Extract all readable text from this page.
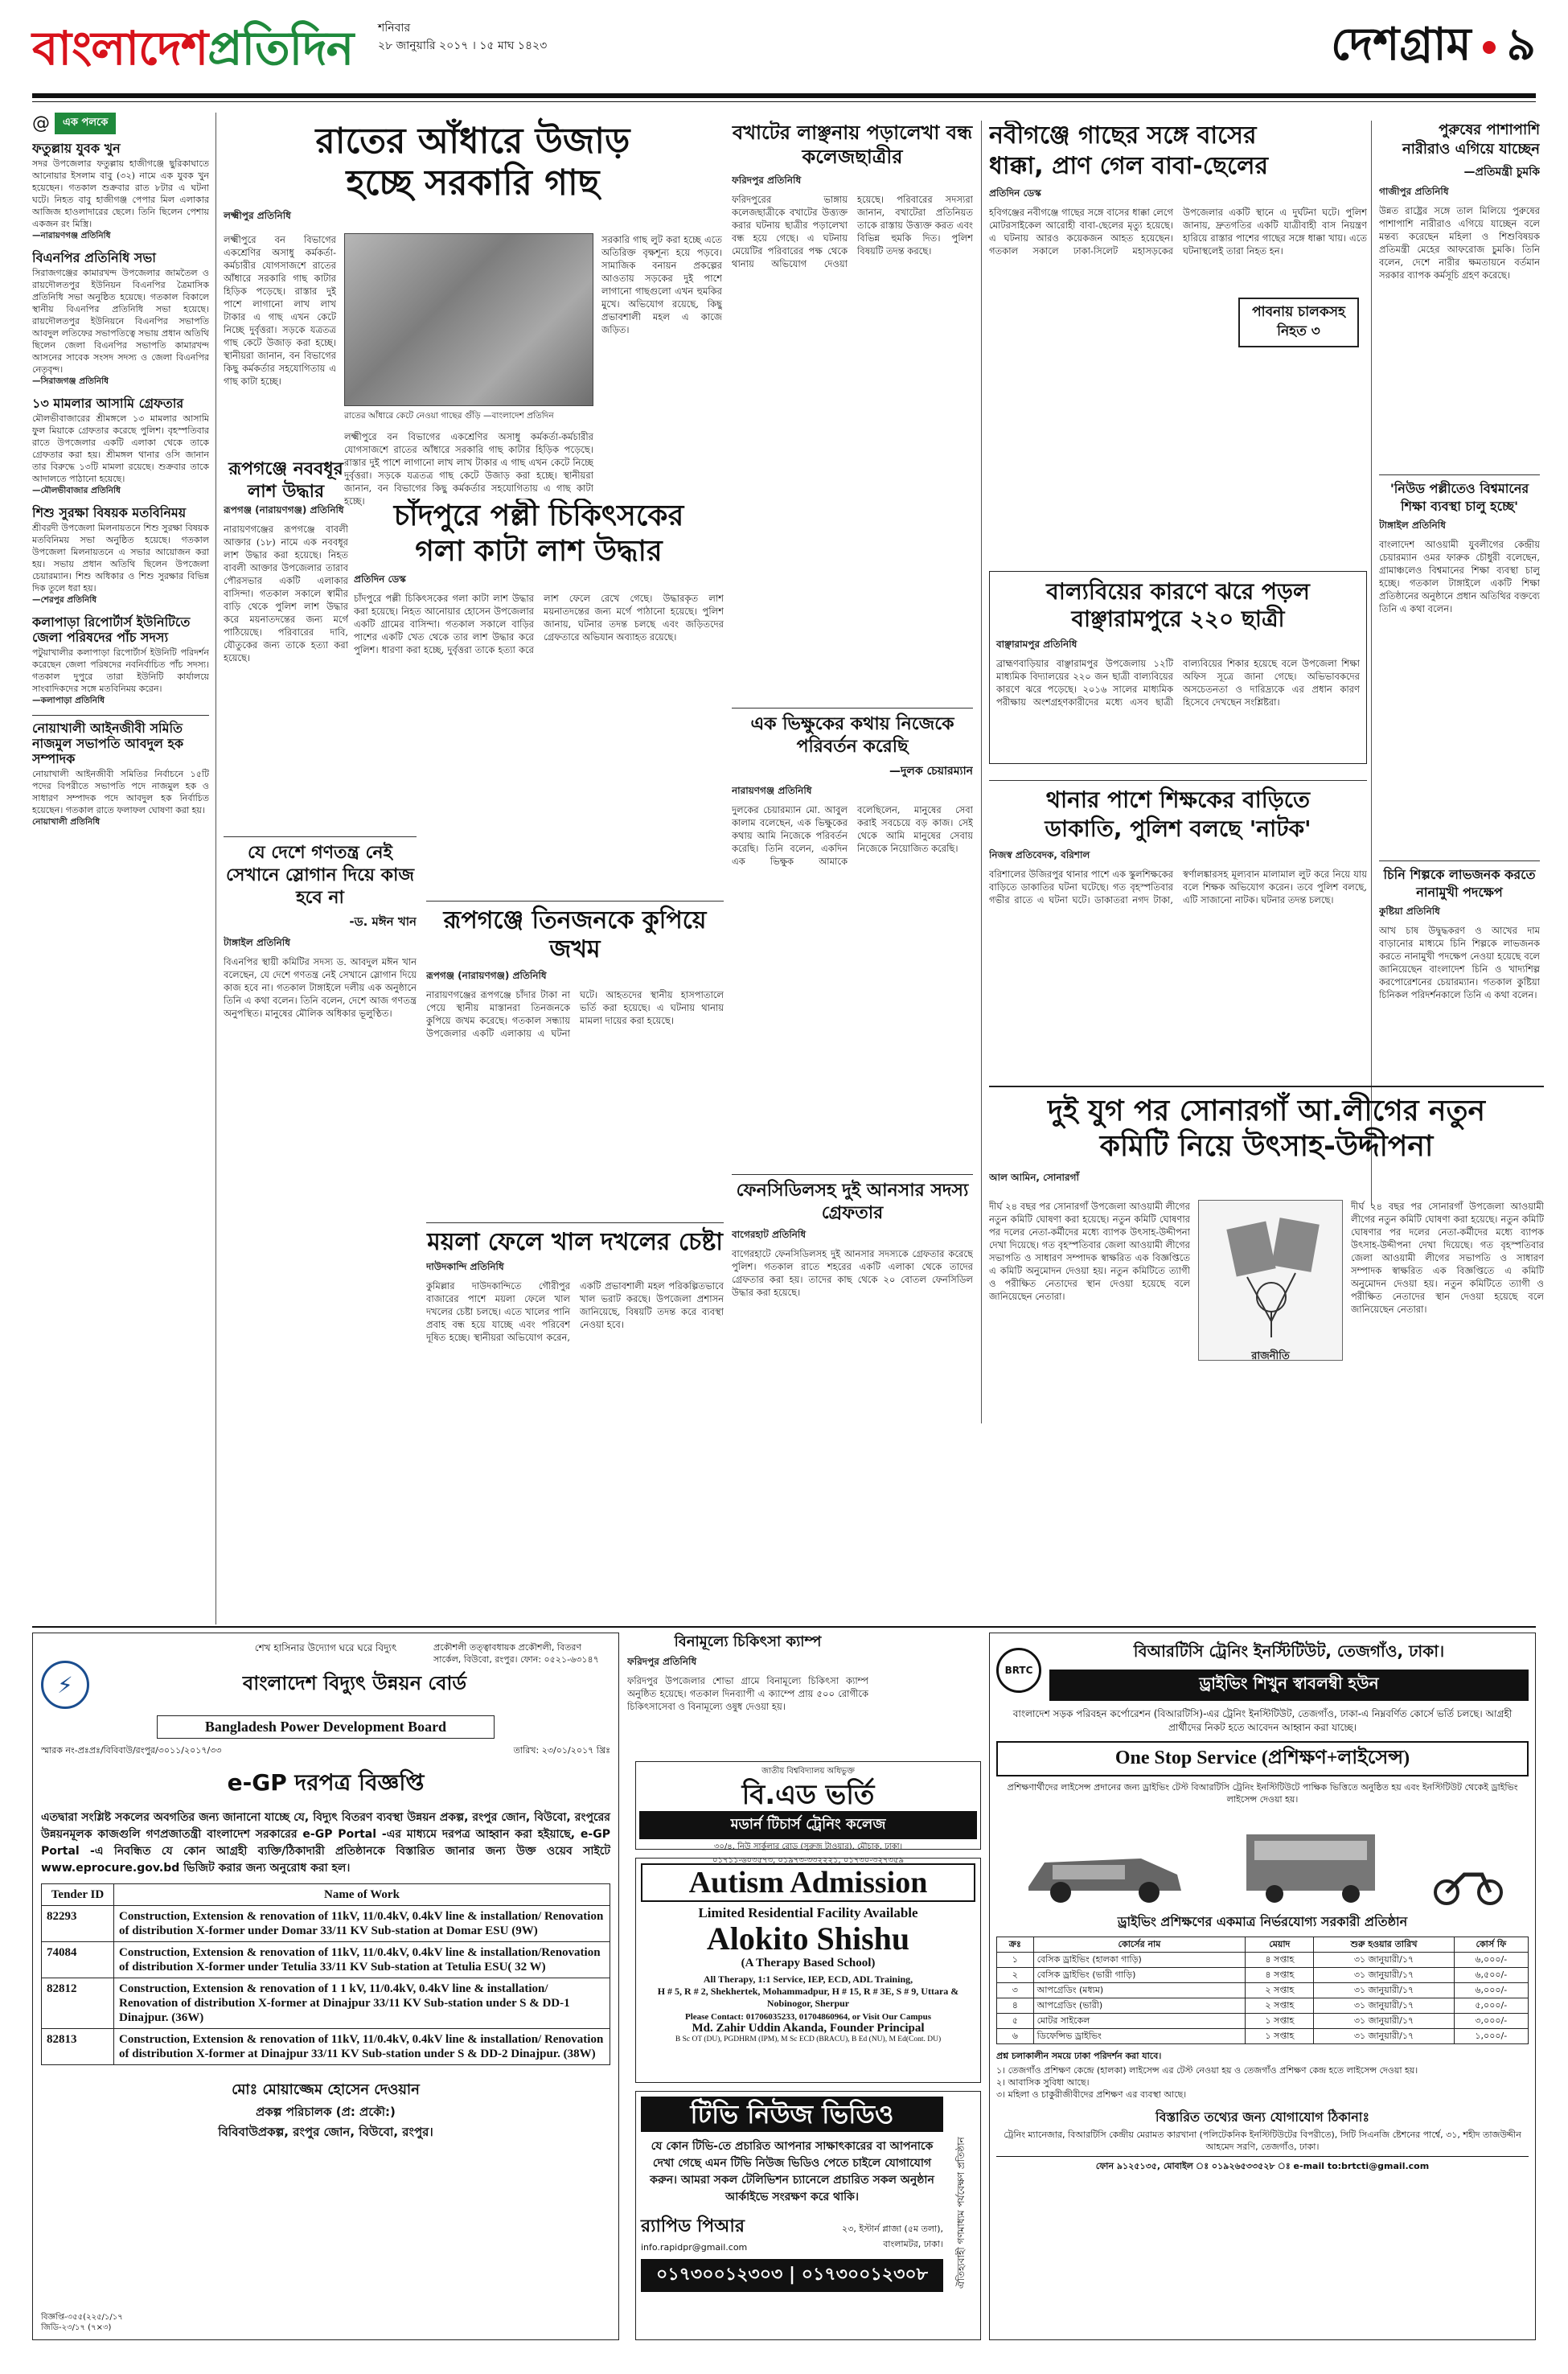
বাংলাদেশপ্রতিদিন শনিবার
২৮ জানুয়ারি ২০১৭ । ১৫ মাঘ ১৪২৩	দেশগ্রাম ৯
@	এক পলকে
ফতুল্লায় যুবক খুন
সদর উপজেলার ফতুল্লায় হাজীগঞ্জে ছুরিকাঘাতে আনোয়ার ইসলাম বাবু (৩২) নামে এক যুবক খুন হয়েছেন। গতকাল শুক্রবার রাত ৮টার এ ঘটনা ঘটে। নিহত বাবু হাজীগঞ্জ পেপার মিল এলাকার আজিজ হাওলাদারের ছেলে। তিনি ছিলেন পেশায় একজন রং মিস্ত্রি।
—নারায়ণগঞ্জ প্রতিনিধি
বিএনপির প্রতিনিধি সভা
সিরাজগঞ্জের কামারখন্দ উপজেলার জামতৈল ও রায়দৌলতপুর ইউনিয়ন বিএনপির ত্রৈমাসিক প্রতিনিধি সভা অনুষ্ঠিত হয়েছে। গতকাল বিকালে স্থানীয় বিএনপির প্রতিনিধি সভা হয়েছে। রায়দৌলতপুর ইউনিয়নে বিএনপির সভাপতি আবদুল লতিফের সভাপতিত্বে সভায় প্রধান অতিথি ছিলেন জেলা বিএনপির সভাপতি কামারখন্দ আসনের সাবেক সংসদ সদস্য ও জেলা বিএনপির নেতৃবৃন্দ।
—সিরাজগঞ্জ প্রতিনিধি
১৩ মামলার আসামি গ্রেফতার
মৌলভীবাজারের শ্রীমঙ্গলে ১৩ মামলার আসামি ফুল মিয়াকে গ্রেফতার করেছে পুলিশ। বৃহস্পতিবার রাতে উপজেলার একটি এলাকা থেকে তাকে গ্রেফতার করা হয়। শ্রীমঙ্গল থানার ওসি জানান তার বিরুদ্ধে ১৩টি মামলা রয়েছে। শুক্রবার তাকে আদালতে পাঠানো হয়েছে।
—মৌলভীবাজার প্রতিনিধি
শিশু সুরক্ষা বিষয়ক মতবিনিময়
শ্রীবরদী উপজেলা মিলনায়তনে শিশু সুরক্ষা বিষয়ক মতবিনিময় সভা অনুষ্ঠিত হয়েছে। গতকাল উপজেলা মিলনায়তনে এ সভার আয়োজন করা হয়। সভায় প্রধান অতিথি ছিলেন উপজেলা চেয়ারম্যান। শিশু অধিকার ও শিশু সুরক্ষার বিভিন্ন দিক তুলে ধরা হয়।
—শেরপুর প্রতিনিধি
কলাপাড়া রিপোর্টার্স ইউনিটিতে জেলা পরিষদের পাঁচ সদস্য
পটুয়াখালীর কলাপাড়া রিপোর্টার্স ইউনিটি পরিদর্শন করেছেন জেলা পরিষদের নবনির্বাচিত পাঁচ সদস্য। গতকাল দুপুরে তারা ইউনিটি কার্যালয়ে সাংবাদিকদের সঙ্গে মতবিনিময় করেন।
—কলাপাড়া প্রতিনিধি
নোয়াখালী আইনজীবী সমিতি নাজমুল সভাপতি আবদুল হক সম্পাদক
নোয়াখালী আইনজীবী সমিতির নির্বাচনে ১৫টি পদের বিপরীতে সভাপতি পদে নাজমুল হক ও সাধারণ সম্পাদক পদে আবদুল হক নির্বাচিত হয়েছেন। গতকাল রাতে ফলাফল ঘোষণা করা হয়।
নোয়াখালী প্রতিনিধি
রাতের আঁধারে উজাড়
হচ্ছে সরকারি গাছ
লক্ষ্মীপুর প্রতিনিধি
রাতের আঁধারে কেটে নেওয়া গাছের গুঁড়ি —বাংলাদেশ প্রতিদিন
লক্ষ্মীপুরে বন বিভাগের একশ্রেণির অসাধু কর্মকর্তা-কর্মচারীর যোগসাজশে রাতের আঁধারে সরকারি গাছ কাটার হিড়িক পড়েছে। রাস্তার দুই পাশে লাগানো লাখ লাখ টাকার এ গাছ এখন কেটে নিচ্ছে দুর্বৃত্তরা। সড়কে যত্রতত্র গাছ কেটে উজাড় করা হচ্ছে। স্থানীয়রা জানান, বন বিভাগের কিছু কর্মকর্তার সহযোগিতায় এ গাছ কাটা হচ্ছে।
সরকারি গাছ লুট করা হচ্ছে এতে অতিরিক্ত বৃক্ষশূন্য হয়ে পড়বে। সামাজিক বনায়ন প্রকল্পের আওতায় সড়কের দুই পাশে লাগানো গাছগুলো এখন হুমকির মুখে। অভিযোগ রয়েছে, কিছু প্রভাবশালী মহল এ কাজে জড়িত।
লক্ষ্মীপুরে বন বিভাগের একশ্রেণির অসাধু কর্মকর্তা-কর্মচারীর যোগসাজশে রাতের আঁধারে সরকারি গাছ কাটার হিড়িক পড়েছে। রাস্তার দুই পাশে লাগানো লাখ লাখ টাকার এ গাছ এখন কেটে নিচ্ছে দুর্বৃত্তরা। সড়কে যত্রতত্র গাছ কেটে উজাড় করা হচ্ছে। স্থানীয়রা জানান, বন বিভাগের কিছু কর্মকর্তার সহযোগিতায় এ গাছ কাটা হচ্ছে।
বখাটের লাঞ্ছনায় পড়ালেখা বন্ধ কলেজছাত্রীর
ফরিদপুর প্রতিনিধি
ফরিদপুরের ভাঙ্গায় কলেজছাত্রীকে বখাটের উত্ত্যক্ত করার ঘটনায় ছাত্রীর পড়ালেখা বন্ধ হয়ে গেছে। এ ঘটনায় মেয়েটির পরিবারের পক্ষ থেকে থানায় অভিযোগ দেওয়া হয়েছে। পরিবারের সদস্যরা জানান, বখাটেরা প্রতিনিয়ত তাকে রাস্তায় উত্ত্যক্ত করত এবং বিভিন্ন হুমকি দিত। পুলিশ বিষয়টি তদন্ত করছে।
রূপগঞ্জে নববধূর লাশ উদ্ধার
রূপগঞ্জ (নারায়ণগঞ্জ) প্রতিনিধি
নারায়ণগঞ্জের রূপগঞ্জে বাবলী আক্তার (১৮) নামে এক নববধূর লাশ উদ্ধার করা হয়েছে। নিহত বাবলী আক্তার উপজেলার তারাব পৌরসভার একটি এলাকার বাসিন্দা। গতকাল সকালে স্বামীর বাড়ি থেকে পুলিশ লাশ উদ্ধার করে ময়নাতদন্তের জন্য মর্গে পাঠিয়েছে। পরিবারের দাবি, যৌতুকের জন্য তাকে হত্যা করা হয়েছে।
চাঁদপুরে পল্লী চিকিৎসকের
গলা কাটা লাশ উদ্ধার
প্রতিদিন ডেস্ক
চাঁদপুরে পল্লী চিকিৎসকের গলা কাটা লাশ উদ্ধার করা হয়েছে। নিহত আনোয়ার হোসেন উপজেলার একটি গ্রামের বাসিন্দা। গতকাল সকালে বাড়ির পাশের একটি খেত থেকে তার লাশ উদ্ধার করে পুলিশ। ধারণা করা হচ্ছে, দুর্বৃত্তরা তাকে হত্যা করে লাশ ফেলে রেখে গেছে। উদ্ধারকৃত লাশ ময়নাতদন্তের জন্য মর্গে পাঠানো হয়েছে। পুলিশ জানায়, ঘটনার তদন্ত চলছে এবং জড়িতদের গ্রেফতারে অভিযান অব্যাহত রয়েছে।
যে দেশে গণতন্ত্র নেই সেখানে স্লোগান দিয়ে কাজ হবে না
-ড. মঈন খান
টাঙ্গাইল প্রতিনিধি
বিএনপির স্থায়ী কমিটির সদস্য ড. আবদুল মঈন খান বলেছেন, যে দেশে গণতন্ত্র নেই সেখানে স্লোগান দিয়ে কাজ হবে না। গতকাল টাঙ্গাইলে দলীয় এক অনুষ্ঠানে তিনি এ কথা বলেন। তিনি বলেন, দেশে আজ গণতন্ত্র অনুপস্থিত। মানুষের মৌলিক অধিকার ভূলুণ্ঠিত।
রূপগঞ্জে তিনজনকে কুপিয়ে জখম
রূপগঞ্জ (নারায়ণগঞ্জ) প্রতিনিধি
নারায়ণগঞ্জের রূপগঞ্জে চাঁদার টাকা না পেয়ে স্থানীয় মাস্তানরা তিনজনকে কুপিয়ে জখম করেছে। গতকাল সন্ধ্যায় উপজেলার একটি এলাকায় এ ঘটনা ঘটে। আহতদের স্থানীয় হাসপাতালে ভর্তি করা হয়েছে। এ ঘটনায় থানায় মামলা দায়ের করা হয়েছে।
ময়লা ফেলে খাল দখলের চেষ্টা
দাউদকান্দি প্রতিনিধি
কুমিল্লার দাউদকান্দিতে গৌরীপুর বাজারের পাশে ময়লা ফেলে খাল দখলের চেষ্টা চলছে। এতে খালের পানি প্রবাহ বন্ধ হয়ে যাচ্ছে এবং পরিবেশ দূষিত হচ্ছে। স্থানীয়রা অভিযোগ করেন, একটি প্রভাবশালী মহল পরিকল্পিতভাবে খাল ভরাট করছে। উপজেলা প্রশাসন জানিয়েছে, বিষয়টি তদন্ত করে ব্যবস্থা নেওয়া হবে।
এক ভিক্ষুকের কথায় নিজেকে পরিবর্তন করেছি
—দুলক চেয়ারম্যান
নারায়ণগঞ্জ প্রতিনিধি
দুলকের চেয়ারম্যান মো. আবুল কালাম বলেছেন, এক ভিক্ষুকের কথায় আমি নিজেকে পরিবর্তন করেছি। তিনি বলেন, একদিন এক ভিক্ষুক আমাকে বলেছিলেন, মানুষের সেবা করাই সবচেয়ে বড় কাজ। সেই থেকে আমি মানুষের সেবায় নিজেকে নিয়োজিত করেছি।
ফেনসিডিলসহ দুই আনসার সদস্য গ্রেফতার
বাগেরহাট প্রতিনিধি
বাগেরহাটে ফেনসিডিলসহ দুই আনসার সদস্যকে গ্রেফতার করেছে পুলিশ। গতকাল রাতে শহরের একটি এলাকা থেকে তাদের গ্রেফতার করা হয়। তাদের কাছ থেকে ২০ বোতল ফেনসিডিল উদ্ধার করা হয়েছে।
নবীগঞ্জে গাছের সঙ্গে বাসের
ধাক্কা, প্রাণ গেল বাবা-ছেলের
প্রতিদিন ডেস্ক
হবিগঞ্জের নবীগঞ্জে গাছের সঙ্গে বাসের ধাক্কা লেগে মোটরসাইকেল আরোহী বাবা-ছেলের মৃত্যু হয়েছে। এ ঘটনায় আরও কয়েকজন আহত হয়েছেন। গতকাল সকালে ঢাকা-সিলেট মহাসড়কের উপজেলার একটি স্থানে এ দুর্ঘটনা ঘটে। পুলিশ জানায়, দ্রুতগতির একটি যাত্রীবাহী বাস নিয়ন্ত্রণ হারিয়ে রাস্তার পাশের গাছের সঙ্গে ধাক্কা খায়। এতে ঘটনাস্থলেই তারা নিহত হন।
পাবনায় চালকসহ নিহত ৩
পুরুষের পাশাপাশি
নারীরাও এগিয়ে যাচ্ছেন
—প্রতিমন্ত্রী চুমকি
গাজীপুর প্রতিনিধি
উন্নত রাষ্ট্রের সঙ্গে তাল মিলিয়ে পুরুষের পাশাপাশি নারীরাও এগিয়ে যাচ্ছেন বলে মন্তব্য করেছেন মহিলা ও শিশুবিষয়ক প্রতিমন্ত্রী মেহের আফরোজ চুমকি। তিনি বলেন, দেশে নারীর ক্ষমতায়নে বর্তমান সরকার ব্যাপক কর্মসূচি গ্রহণ করেছে।
'নিউড পল্লীতেও বিশ্বমানের শিক্ষা ব্যবস্থা চালু হচ্ছে'
টাঙ্গাইল প্রতিনিধি
বাংলাদেশ আওয়ামী যুবলীগের কেন্দ্রীয় চেয়ারম্যান ওমর ফারুক চৌধুরী বলেছেন, গ্রামাঞ্চলেও বিশ্বমানের শিক্ষা ব্যবস্থা চালু হচ্ছে। গতকাল টাঙ্গাইলে একটি শিক্ষা প্রতিষ্ঠানের অনুষ্ঠানে প্রধান অতিথির বক্তব্যে তিনি এ কথা বলেন।
চিনি শিল্পকে লাভজনক করতে নানামুখী পদক্ষেপ
কুষ্টিয়া প্রতিনিধি
আখ চাষ উদ্বুদ্ধকরণ ও আখের দাম বাড়ানোর মাধ্যমে চিনি শিল্পকে লাভজনক করতে নানামুখী পদক্ষেপ নেওয়া হয়েছে বলে জানিয়েছেন বাংলাদেশ চিনি ও খাদ্যশিল্প করপোরেশনের চেয়ারম্যান। গতকাল কুষ্টিয়া চিনিকল পরিদর্শনকালে তিনি এ কথা বলেন।
বাল্যবিয়ের কারণে ঝরে পড়ল বাঞ্ছারামপুরে ২২০ ছাত্রী
বাঞ্ছারামপুর প্রতিনিধি
ব্রাহ্মণবাড়িয়ার বাঞ্ছারামপুর উপজেলায় ১২টি মাধ্যমিক বিদ্যালয়ের ২২০ জন ছাত্রী বাল্যবিয়ের কারণে ঝরে পড়েছে। ২০১৬ সালের মাধ্যমিক পরীক্ষায় অংশগ্রহণকারীদের মধ্যে এসব ছাত্রী বাল্যবিয়ের শিকার হয়েছে বলে উপজেলা শিক্ষা অফিস সূত্রে জানা গেছে। অভিভাবকদের অসচেতনতা ও দারিদ্র্যকে এর প্রধান কারণ হিসেবে দেখছেন সংশ্লিষ্টরা।
থানার পাশে শিক্ষকের বাড়িতে
ডাকাতি, পুলিশ বলছে 'নাটক'
নিজস্ব প্রতিবেদক, বরিশাল
বরিশালের উজিরপুর থানার পাশে এক স্কুলশিক্ষকের বাড়িতে ডাকাতির ঘটনা ঘটেছে। গত বৃহস্পতিবার গভীর রাতে এ ঘটনা ঘটে। ডাকাতরা নগদ টাকা, স্বর্ণালঙ্কারসহ মূল্যবান মালামাল লুট করে নিয়ে যায় বলে শিক্ষক অভিযোগ করেন। তবে পুলিশ বলছে, এটি সাজানো নাটক। ঘটনার তদন্ত চলছে।
দুই যুগ পর সোনারগাঁ আ.লীগের নতুন
কমিটি নিয়ে উৎসাহ-উদ্দীপনা
আল আমিন, সোনারগাঁ
রাজনীতি
দীর্ঘ ২৪ বছর পর সোনারগাঁ উপজেলা আওয়ামী লীগের নতুন কমিটি ঘোষণা করা হয়েছে। নতুন কমিটি ঘোষণার পর দলের নেতা-কর্মীদের মধ্যে ব্যাপক উৎসাহ-উদ্দীপনা দেখা দিয়েছে। গত বৃহস্পতিবার জেলা আওয়ামী লীগের সভাপতি ও সাধারণ সম্পাদক স্বাক্ষরিত এক বিজ্ঞপ্তিতে এ কমিটি অনুমোদন দেওয়া হয়। নতুন কমিটিতে ত্যাগী ও পরীক্ষিত নেতাদের স্থান দেওয়া হয়েছে বলে জানিয়েছেন নেতারা।
দীর্ঘ ২৪ বছর পর সোনারগাঁ উপজেলা আওয়ামী লীগের নতুন কমিটি ঘোষণা করা হয়েছে। নতুন কমিটি ঘোষণার পর দলের নেতা-কর্মীদের মধ্যে ব্যাপক উৎসাহ-উদ্দীপনা দেখা দিয়েছে। গত বৃহস্পতিবার জেলা আওয়ামী লীগের সভাপতি ও সাধারণ সম্পাদক স্বাক্ষরিত এক বিজ্ঞপ্তিতে এ কমিটি অনুমোদন দেওয়া হয়। নতুন কমিটিতে ত্যাগী ও পরীক্ষিত নেতাদের স্থান দেওয়া হয়েছে বলে জানিয়েছেন নেতারা।
শেখ হাসিনার উদ্যোগ ঘরে ঘরে বিদ্যুৎ
⚡	বাংলাদেশ বিদ্যুৎ উন্নয়ন বোর্ড
Bangladesh Power Development Board
প্রকৌশলী তত্ত্বাবধায়ক প্রকৌশলী, বিতরণ সার্কেল, বিউবো, রংপুর। ফোন: ০৫২১-৬৩১৪৭
স্মারক নং-প্রঃপ্রঃ/বিবিবাউ/রংপুর/৩০১১/২০১৭/৩৩	তারিখ: ২৩/০১/২০১৭ খ্রিঃ
e-GP দরপত্র বিজ্ঞপ্তি
এতদ্বারা সংশ্লিষ্ট সকলের অবগতির জন্য জানানো যাচ্ছে যে, বিদ্যুৎ বিতরণ ব্যবস্থা উন্নয়ন প্রকল্প, রংপুর জোন, বিউবো, রংপুরের উন্নয়নমূলক কাজগুলি গণপ্রজাতন্ত্রী বাংলাদেশ সরকারের e-GP Portal -এর মাধ্যমে দরপত্র আহ্বান করা হইয়াছে, e-GP Portal -এ নিবন্ধিত যে কোন আগ্রহী ব্যক্তি/ঠিকাদারী প্রতিষ্ঠানকে বিস্তারিত জানার জন্য উক্ত ওয়েব সাইটে www.eprocure.gov.bd ভিজিট করার জন্য অনুরোধ করা হল।
Tender ID	Name of Work
82293	Construction, Extension & renovation of 11kV, 11/0.4kV, 0.4kV line & installation/ Renovation of distribution X-former under Domar 33/11 KV Sub-station at Domar ESU (9W)
74084	Construction, Extension & renovation of 11kV, 11/0.4kV, 0.4kV line & installation/Renovation of distribution X-former under Tetulia 33/11 KV Sub-station at Tetulia ESU( 32 W)
82812	Construction, Extension & renovation of 1 1 kV, 11/0.4kV, 0.4kV line & installation/ Renovation of distribution X-former at Dinajpur 33/11 KV Sub-station under S & DD-1 Dinajpur. (36W)
82813	Construction, Extension & renovation of 11kV, 11/0.4kV, 0.4kV line & installation/ Renovation of distribution X-former at Dinajpur 33/11 KV Sub-station under S & DD-2 Dinajpur. (38W)
মোঃ মোয়াজ্জেম হোসেন দেওয়ান
প্রকল্প পরিচালক (প্র: প্রকৌ:)
বিবিবাউপ্রকল্প, রংপুর জোন, বিউবো, রংপুর।
বিজ্ঞপ্তি-৩৫৫(২২৫/১/১৭
জিডি-২৩/১৭ (৭×৩)
বিনামূল্যে চিকিৎসা ক্যাম্প
ফরিদপুর প্রতিনিধি
ফরিদপুর উপজেলার শোভা গ্রামে বিনামূল্যে চিকিৎসা ক্যাম্প অনুষ্ঠিত হয়েছে। গতকাল দিনব্যাপী এ ক্যাম্পে প্রায় ৫০০ রোগীকে চিকিৎসাসেবা ও বিনামূল্যে ওষুধ দেওয়া হয়।
জাতীয় বিশ্ববিদ্যালয় অধিভুক্ত
বি.এড ভর্তি
মডার্ন টিচার্স ট্রেনিং কলেজ
৩০/৪, নিউ সার্কুলার রোড (সুরুজ টাওয়ার), মৌচাক, ঢাকা।
০১৭১১-৬০৩৫৭৩, ০১৯৭৩-৩৩২২২১, ০১৭৩০-৩২৭৩৫৯
Autism Admission
Limited Residential Facility Available
Alokito Shishu
(A Therapy Based School)
All Therapy, 1:1 Service, IEP, ECD, ADL Training,
H # 5, R # 2, Shekhertek, Mohammadpur, H # 15, R # 3E, S # 9, Uttara & Nobinogor, Sherpur
Please Contact: 01706035233, 01704860964, or Visit Our Campus
Md. Zahir Uddin Akanda, Founder Principal
B Sc OT (DU), PGDHRM (IPM), M Sc ECD (BRACU), B Ed (NU), M Ed(Cont. DU)
টিভি নিউজ ভিডিও
যে কোন টিভি-তে প্রচারিত আপনার সাক্ষাৎকারের বা আপনাকে দেখা গেছে এমন টিভি নিউজ ভিডিও পেতে চাইলে যোগাযোগ করুন। আমরা সকল টেলিভিশন চ্যানেলে প্রচারিত সকল অনুষ্ঠান আর্কাইভে সংরক্ষণ করে থাকি।
র‍্যাপিড পিআর
info.rapidpr@gmail.com
২৩, ইস্টার্ন প্লাজা (৫ম তলা), বাংলামটর, ঢাকা।
০১৭৩০০১২৩০৩ | ০১৭৩০০১২৩০৮	ঐতিহ্যবাহী গণমাধ্যম পর্যবেক্ষণ প্রতিষ্ঠান
BRTC
বিআরটিসি ট্রেনিং ইনস্টিটিউট, তেজগাঁও, ঢাকা।
ড্রাইভিং শিখুন স্বাবলম্বী হউন
বাংলাদেশ সড়ক পরিবহন কর্পোরেশন (বিআরটিসি)-এর ট্রেনিং ইনস্টিটিউট, তেজগাঁও, ঢাকা-এ নিম্নবর্ণিত কোর্সে ভর্তি চলছে। আগ্রহী প্রার্থীদের নিকট হতে আবেদন আহ্বান করা যাচ্ছে।
One Stop Service (প্রশিক্ষণ+লাইসেন্স)
প্রশিক্ষণার্থীদের লাইসেন্স প্রদানের জন্য ড্রাইভিং টেস্ট বিআরটিসি ট্রেনিং ইনস্টিটিউটে পাক্ষিক ভিত্তিতে অনুষ্ঠিত হয় এবং ইনস্টিটিউট থেকেই ড্রাইভিং লাইসেন্স দেওয়া হয়।
ড্রাইভিং প্রশিক্ষণের একমাত্র নির্ভরযোগ্য সরকারী প্রতিষ্ঠান
ক্রঃ	কোর্সের নাম	মেয়াদ	শুরু হওয়ার তারিখ	কোর্স ফি
১	বেসিক ড্রাইভিং (হালকা গাড়ি)	৪ সপ্তাহ	৩১ জানুয়ারী/১৭	৬,০০০/-
২	বেসিক ড্রাইভিং (ভারী গাড়ি)	৪ সপ্তাহ	৩১ জানুয়ারী/১৭	৬,৫০০/-
৩	আপগ্রেডিং (মধ্যম)	২ সপ্তাহ	৩১ জানুয়ারী/১৭	৬,০০০/-
৪	আপগ্রেডিং (ভারী)	২ সপ্তাহ	৩১ জানুয়ারী/১৭	৫,০০০/-
৫	মোটর সাইকেল	১ সপ্তাহ	৩১ জানুয়ারী/১৭	৩,০০০/-
৬	ডিফেন্সিভ ড্রাইভিং	১ সপ্তাহ	৩১ জানুয়ারী/১৭	১,০০০/-
প্রশ্ন চলাকালীন সময়ে ঢাকা পরিদর্শন করা যাবে।
১। তেজগাঁও প্রশিক্ষণ কেন্দ্রে (হালকা) লাইসেন্স এর টেস্ট নেওয়া হয় ও তেজগাঁও প্রশিক্ষণ কেন্দ্র হতে লাইসেন্স দেওয়া হয়।
২। আবাসিক সুবিধা আছে।
৩। মহিলা ও চাকুরীজীবীদের প্রশিক্ষণ এর ব্যবস্থা আছে।
বিস্তারিত তথ্যের জন্য যোগাযোগ ঠিকানাঃ
ট্রেনিং ম্যানেজার, বিআরটিসি কেন্দ্রীয় মেরামত কারখানা (পলিটেকনিক ইনস্টিটিউটের বিপরীতে), সিটি সিএনজি ষ্টেশনের পার্শ্বে, ৩১, শহীদ তাজউদ্দীন আহমেদ সরণি, তেজগাঁও, ঢাকা।
ফোন ৯১২৫১৩৫, মোবাইল ঃ ০১৯২৬৫৩৩৫২৮ ঃ e-mail to:brtcti@gmail.com
